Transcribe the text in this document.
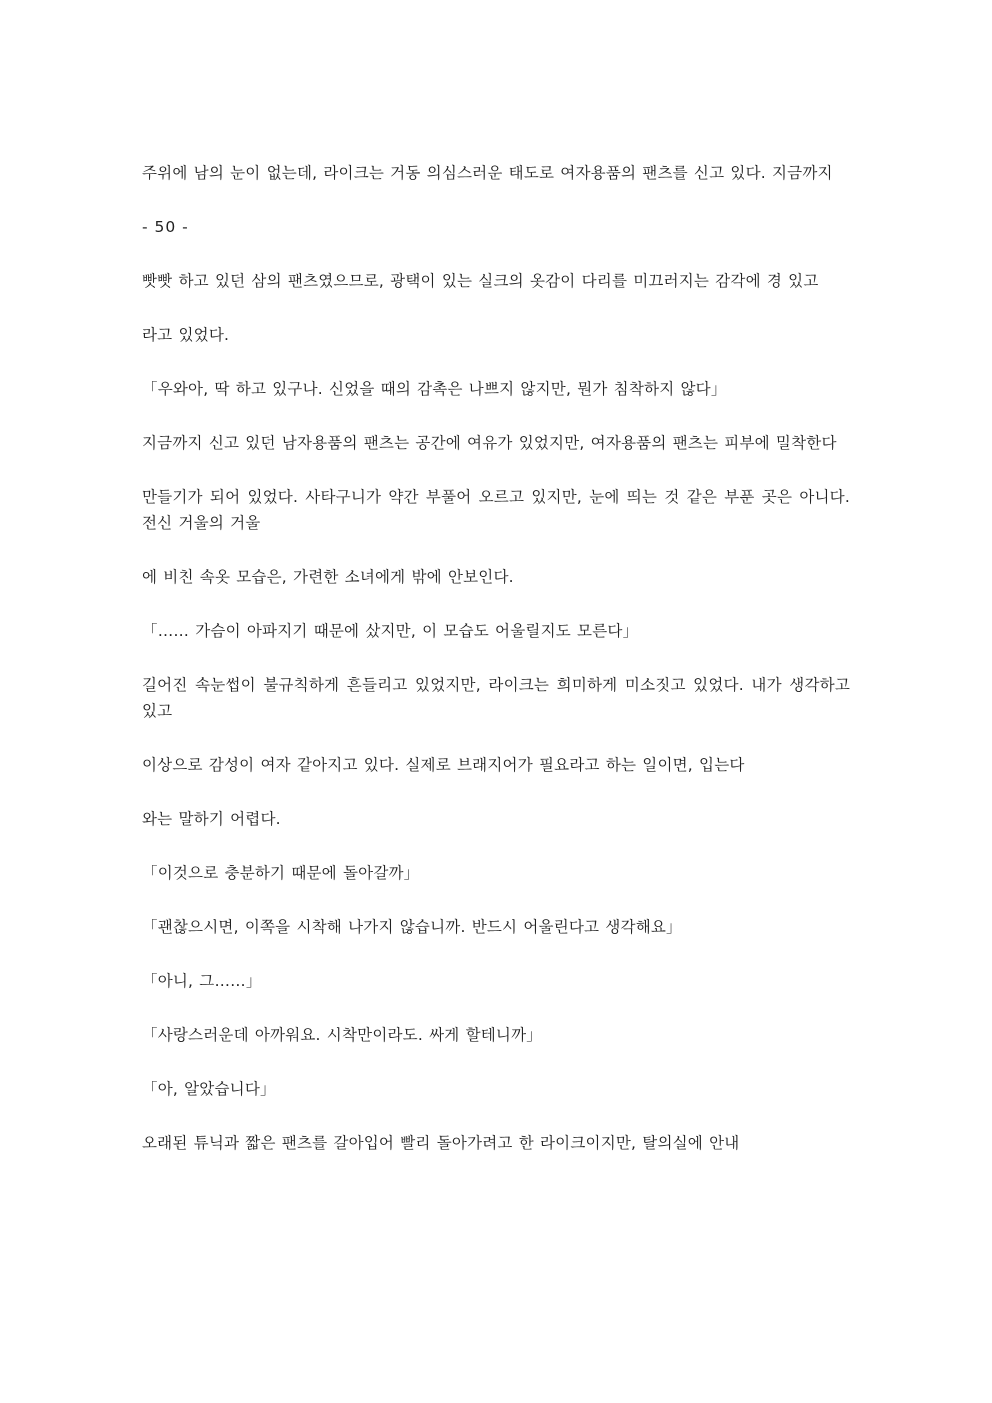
주위에 남의 눈이 없는데, 라이크는 거동 의심스러운 태도로 여자용품의 팬츠를 신고 있다. 지금까지

- 50 -

빳빳 하고 있던 삼의 팬츠였으므로, 광택이 있는 실크의 옷감이 다리를 미끄러지는 감각에 경 있고

라고 있었다.

「우와아, 딱 하고 있구나. 신었을 때의 감촉은 나쁘지 않지만, 뭔가 침착하지 않다」

지금까지 신고 있던 남자용품의 팬츠는 공간에 여유가 있었지만, 여자용품의 팬츠는 피부에 밀착한다

만들기가 되어 있었다. 사타구니가 약간 부풀어 오르고 있지만, 눈에 띄는 것 같은 부푼 곳은 아니다. 전신 거울의 거울

에 비친 속옷 모습은, 가련한 소녀에게 밖에 안보인다.

「…… 가슴이 아파지기 때문에 샀지만, 이 모습도 어울릴지도 모른다」

길어진 속눈썹이 불규칙하게 흔들리고 있었지만, 라이크는 희미하게 미소짓고 있었다. 내가 생각하고 있고

이상으로 감성이 여자 같아지고 있다. 실제로 브래지어가 필요라고 하는 일이면, 입는다

와는 말하기 어렵다.

「이것으로 충분하기 때문에 돌아갈까」

「괜찮으시면, 이쪽을 시착해 나가지 않습니까. 반드시 어울린다고 생각해요」

「아니, 그……」

「사랑스러운데 아까워요. 시착만이라도. 싸게 할테니까」

「아, 알았습니다」

오래된 튜닉과 짧은 팬츠를 갈아입어 빨리 돌아가려고 한 라이크이지만, 탈의실에 안내
